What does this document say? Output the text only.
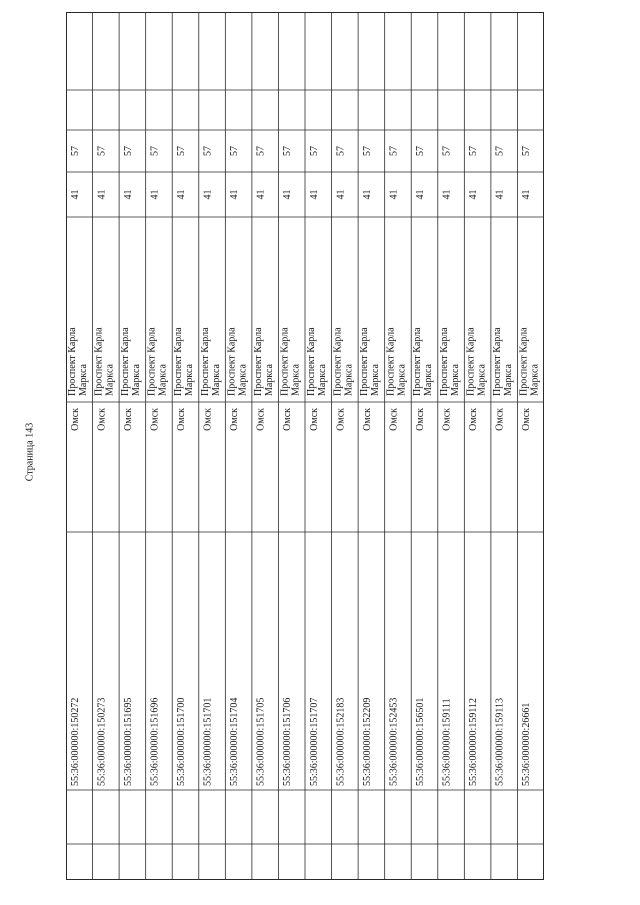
Страница 143
57
41
Проспект КарлаМаркса
Омск
55:36:000000:150272
57
41
Проспект КарлаМаркса
Омск
55:36:000000:150273
57
41
Проспект КарлаМаркса
Омск
55:36:000000:151695
57
41
Проспект КарлаМаркса
Омск
55:36:000000:151696
57
41
Проспект КарлаМаркса
Омск
55:36:000000:151700
57
41
Проспект КарлаМаркса
Омск
55:36:000000:151701
57
41
Проспект КарлаМаркса
Омск
55:36:000000:151704
57
41
Проспект КарлаМаркса
Омск
55:36:000000:151705
57
41
Проспект КарлаМаркса
Омск
55:36:000000:151706
57
41
Проспект КарлаМаркса
Омск
55:36:000000:151707
57
41
Проспект КарлаМаркса
Омск
55:36:000000:152183
57
41
Проспект КарлаМаркса
Омск
55:36:000000:152209
57
41
Проспект КарлаМаркса
Омск
55:36:000000:152453
57
41
Проспект КарлаМаркса
Омск
55:36:000000:156501
57
41
Проспект КарлаМаркса
Омск
55:36:000000:159111
57
41
Проспект КарлаМаркса
Омск
55:36:000000:159112
57
41
Проспект КарлаМаркса
Омск
55:36:000000:159113
57
41
Проспект КарлаМаркса
Омск
55:36:000000:26661
